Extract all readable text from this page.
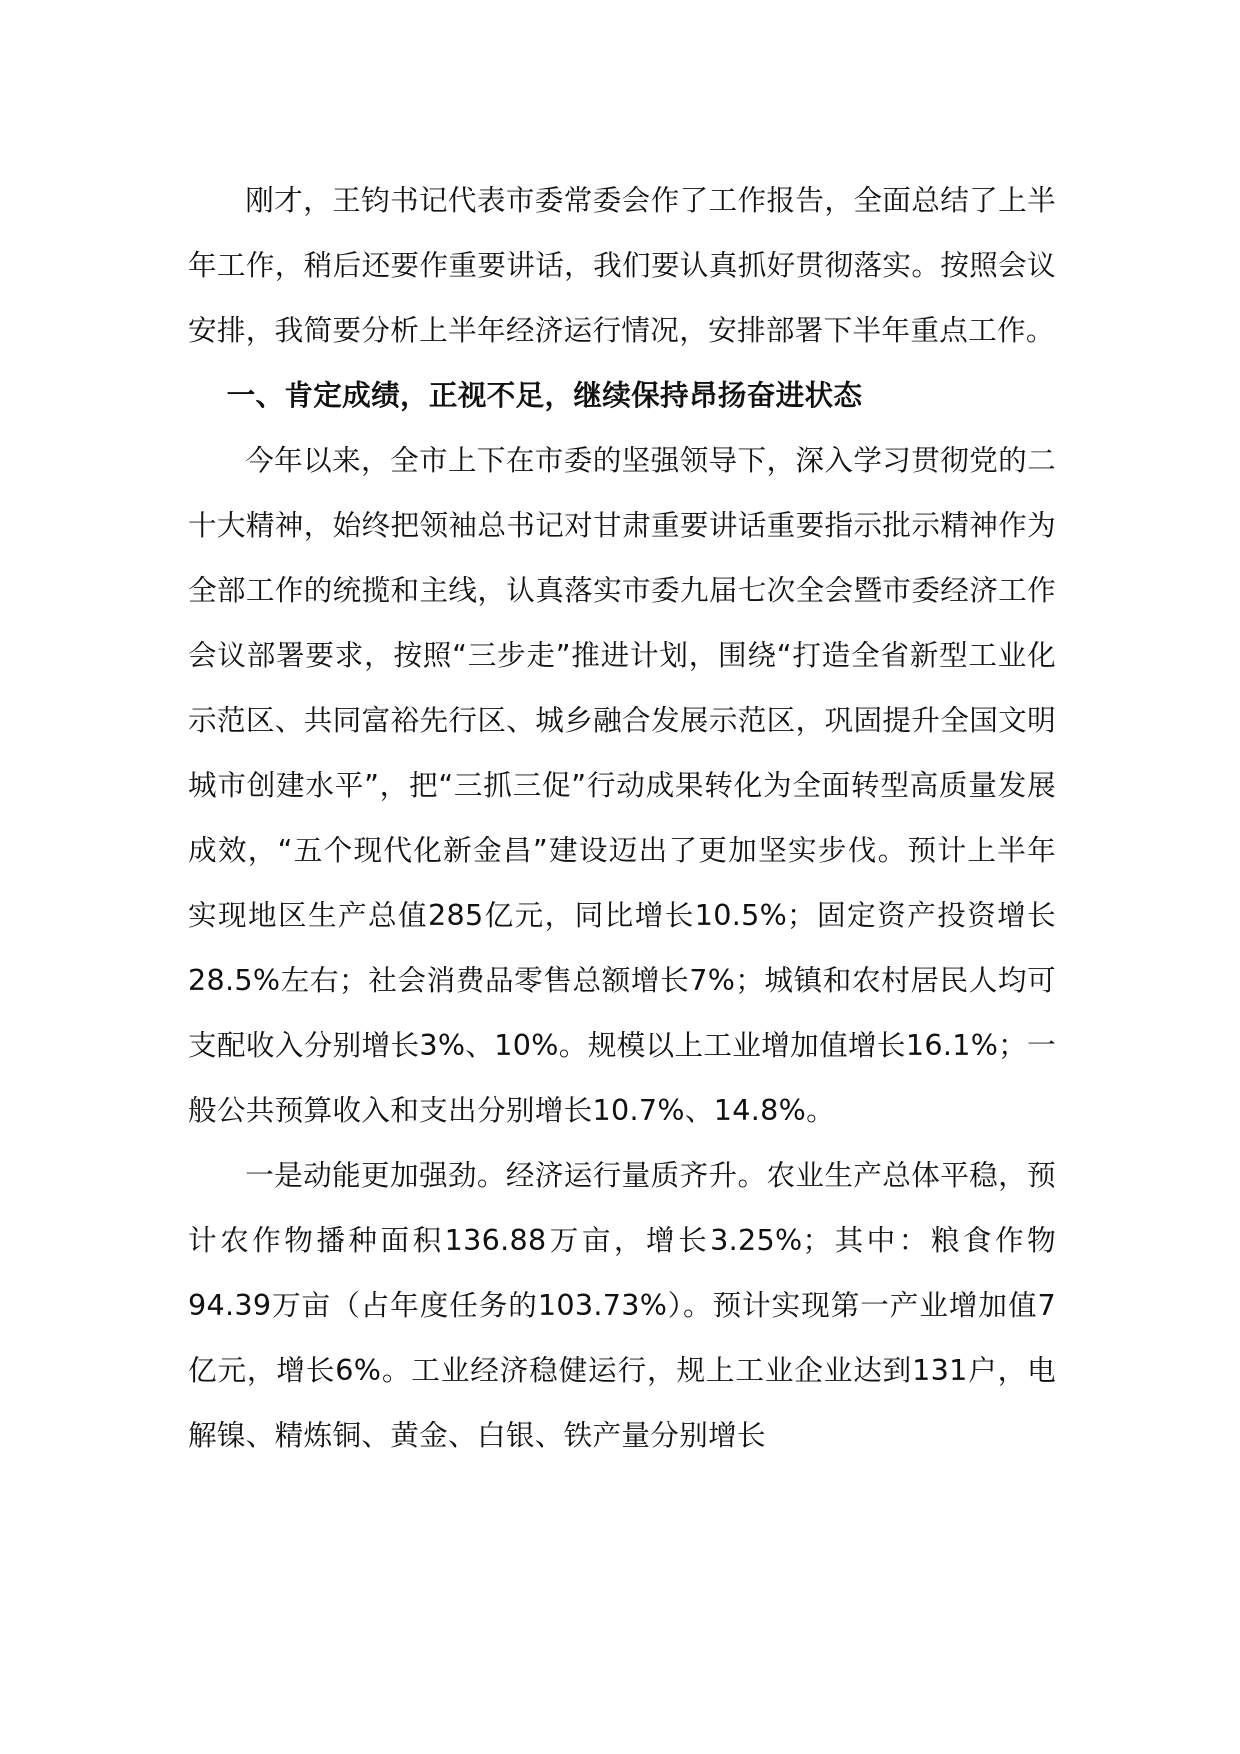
刚才，王钧书记代表市委常委会作了工作报告，全面总结了上半年工作，稍后还要作重要讲话，我们要认真抓好贯彻落实。按照会议安排，我简要分析上半年经济运行情况，安排部署下半年重点工作。

一、肯定成绩，正视不足，继续保持昂扬奋进状态

今年以来，全市上下在市委的坚强领导下，深入学习贯彻党的二十大精神，始终把领袖总书记对甘肃重要讲话重要指示批示精神作为全部工作的统揽和主线，认真落实市委九届七次全会暨市委经济工作会议部署要求，按照“三步走”推进计划，围绕“打造全省新型工业化示范区、共同富裕先行区、城乡融合发展示范区，巩固提升全国文明城市创建水平”，把“三抓三促”行动成果转化为全面转型高质量发展成效，“五个现代化新金昌”建设迈出了更加坚实步伐。预计上半年实现地区生产总值285亿元，同比增长10.5%；固定资产投资增长28.5%左右；社会消费品零售总额增长7%；城镇和农村居民人均可支配收入分别增长3%、10%。规模以上工业增加值增长16.1%；一般公共预算收入和支出分别增长10.7%、14.8%。

一是动能更加强劲。经济运行量质齐升。农业生产总体平稳，预计农作物播种面积136.88万亩，增长3.25%；其中：粮食作物94.39万亩（占年度任务的103.73%）。预计实现第一产业增加值7亿元，增长6%。工业经济稳健运行，规上工业企业达到131户，电解镍、精炼铜、黄金、白银、铁产量分别增长
